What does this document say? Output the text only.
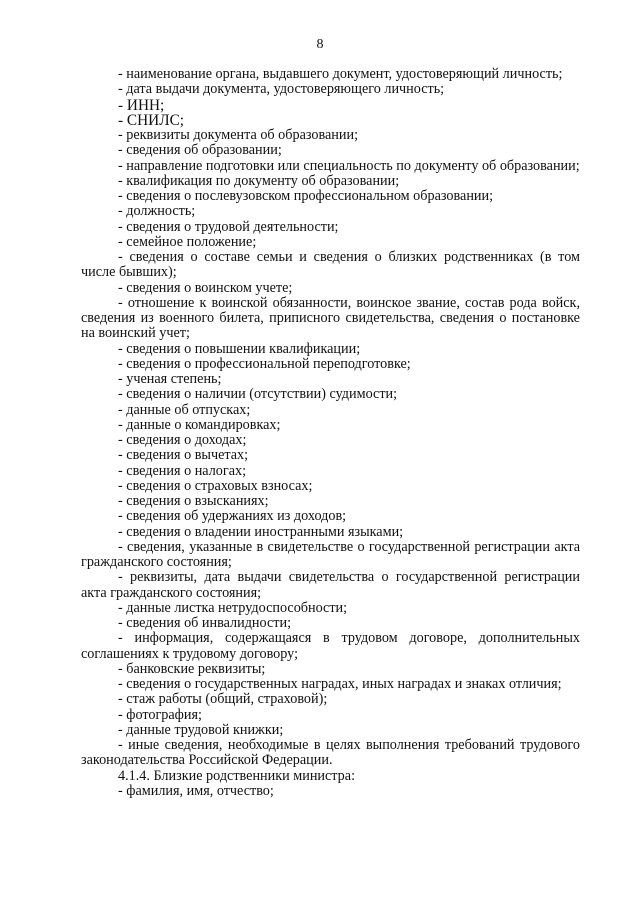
8

- наименование органа, выдавшего документ, удостоверяющий личность;

- дата выдачи документа, удостоверяющего личность;

- ИНН;

- СНИЛС;

- реквизиты документа об образовании;

- сведения об образовании;

- направление подготовки или специальность по документу об образовании;

- квалификация по документу об образовании;

- сведения о послевузовском профессиональном образовании;

- должность;

- сведения о трудовой деятельности;

- семейное положение;

- сведения о составе семьи и сведения о близких родственниках (в том числе бывших);

- сведения о воинском учете;

- отношение к воинской обязанности, воинское звание, состав рода войск, сведения из военного билета, приписного свидетельства, сведения о постановке на воинский учет;

- сведения о повышении квалификации;

- сведения о профессиональной переподготовке;

- ученая степень;

- сведения о наличии (отсутствии) судимости;

- данные об отпусках;

- данные о командировках;

- сведения о доходах;

- сведения о вычетах;

- сведения о налогах;

- сведения о страховых взносах;

- сведения о взысканиях;

- сведения об удержаниях из доходов;

- сведения о владении иностранными языками;

- сведения, указанные в свидетельстве о государственной регистрации акта гражданского состояния;

- реквизиты, дата выдачи свидетельства о государственной регистрации акта гражданского состояния;

- данные листка нетрудоспособности;

- сведения об инвалидности;

- информация, содержащаяся в трудовом договоре, дополнительных соглашениях к трудовому договору;

- банковские реквизиты;

- сведения о государственных наградах, иных наградах и знаках отличия;

- стаж работы (общий, страховой);

- фотография;

- данные трудовой книжки;

- иные сведения, необходимые в целях выполнения требований трудового законодательства Российской Федерации.

4.1.4. Близкие родственники министра:

- фамилия, имя, отчество;
